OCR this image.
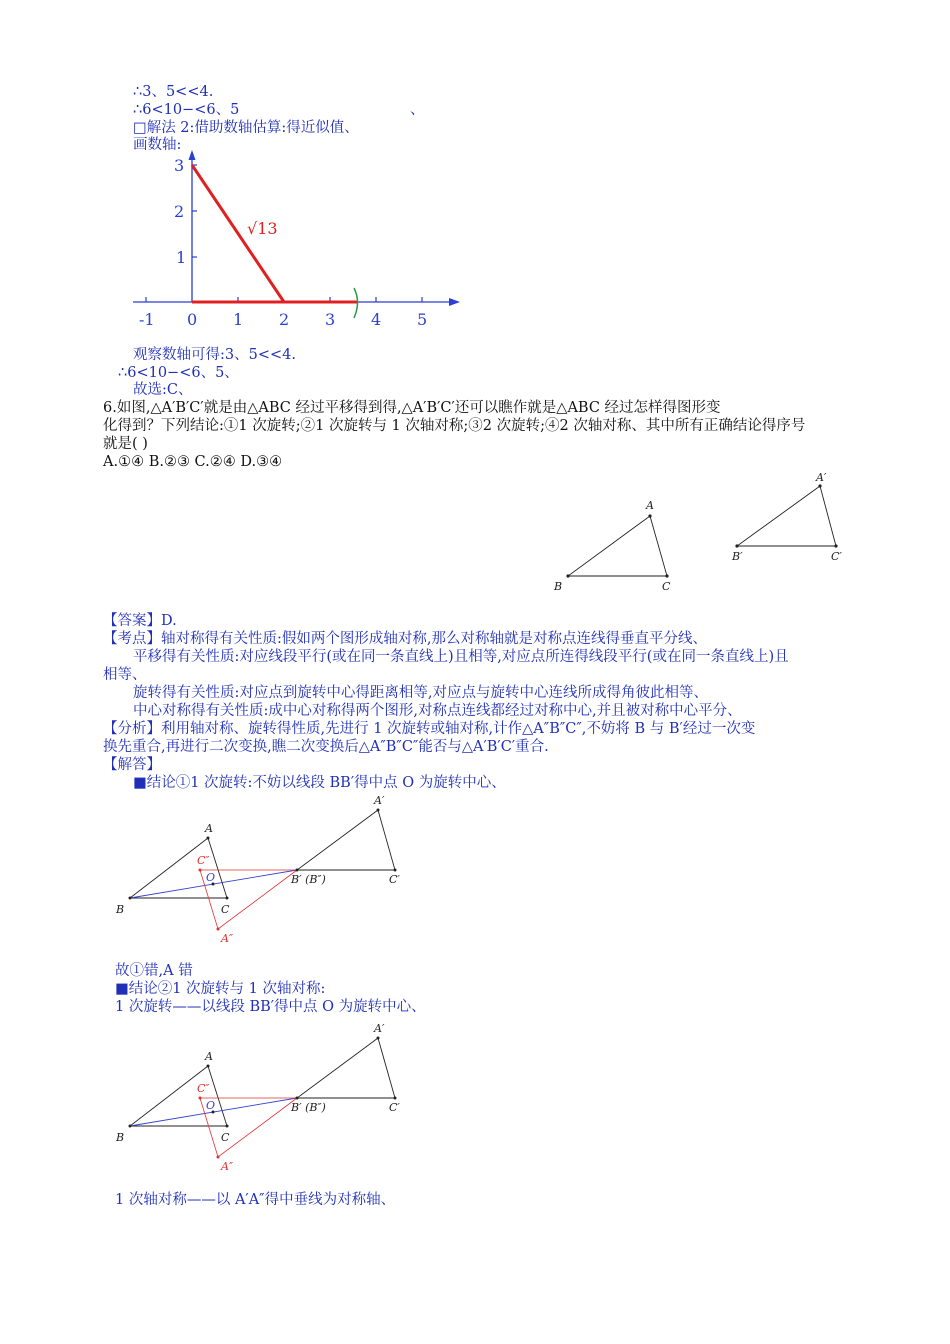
∴3、5<<4.
∴6<10−<6、5	、
□解法 2:借助数轴估算:得近似值、
画数轴:
3
2
1
-1 0 1 2 3 4 5
√13
观察数轴可得:3、5<<4.
∴6<10−<6、5、
故选:C、
6.如图,△A′B′C′就是由△ABC 经过平移得到得,△A′B′C′还可以瞧作就是△ABC 经过怎样得图形变
化得到？下列结论:①1 次旋转;②1 次旋转与 1 次轴对称;③2 次旋转;④2 次轴对称、其中所有正确结论得序号
就是( )
A.①④ B.②③ C.②④ D.③④
A
B	C
A′
B′	C′
【答案】D.
【考点】轴对称得有关性质:假如两个图形成轴对称,那么对称轴就是对称点连线得垂直平分线、
平移得有关性质:对应线段平行(或在同一条直线上)且相等,对应点所连得线段平行(或在同一条直线上)且
相等、
旋转得有关性质:对应点到旋转中心得距离相等,对应点与旋转中心连线所成得角彼此相等、
中心对称得有关性质:成中心对称得两个图形,对称点连线都经过对称中心,并且被对称中心平分、
【分析】利用轴对称、旋转得性质,先进行 1 次旋转或轴对称,计作△A″B″C″,不妨将 B 与 B′经过一次变
换先重合,再进行二次变换,瞧二次变换后△A″B″C″能否与△A′B′C′重合.
【解答】
■结论①1 次旋转:不妨以线段 BB′得中点 O 为旋转中心、
A
B	C
A′
B′ (B″)	C′
O
C″
A″
故①错,A 错
■结论②1 次旋转与 1 次轴对称:
1 次旋转——以线段 BB′得中点 O 为旋转中心、
A
B	C
A′
B′ (B″)	C′
O
C″
A″
1 次轴对称——以 A′A″得中垂线为对称轴、
